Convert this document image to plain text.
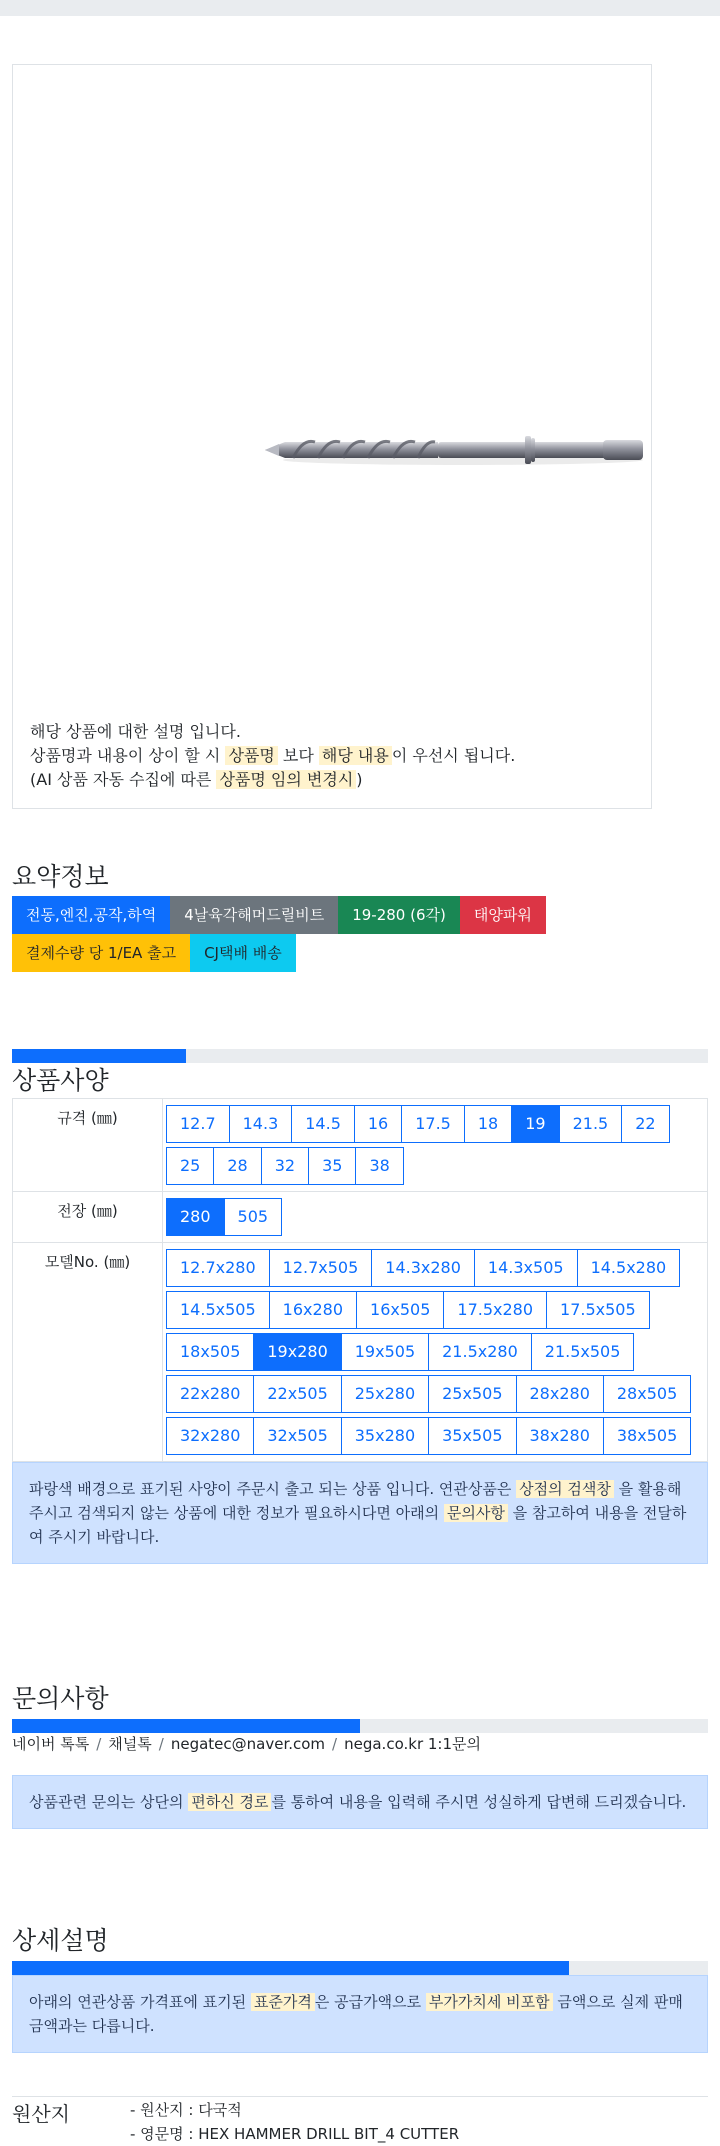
해당 상품에 대한 설명 입니다.
상품명과 내용이 상이 할 시 상품명 보다 해당 내용 이 우선시 됩니다.
(AI 상품 자동 수집에 따른 상품명 임의 변경시 )
요약정보
전동,엔진,공작,하역	4날육각해머드릴비트	19-280 (6각)	태양파워
결제수량 당 1/EA 출고	CJ택배 배송
상품사양
규격 (㎜)	12.7 14.3 14.5 16 17.5 18 19 21.5 22
25 28 32 35 38

전장 (㎜)	280 505

모델No. (㎜)	12.7x280 12.7x505 14.3x280 14.3x505 14.5x280
14.5x505 16x280 16x505 17.5x280 17.5x505
18x505 19x280 19x505 21.5x280 21.5x505
22x280 22x505 25x280 25x505 28x280 28x505
32x280 32x505 35x280 35x505 38x280 38x505
파랑색 배경으로 표기된 사양이 주문시 출고 되는 상품 입니다. 연관상품은 상점의 검색창 을 활용해 주시고 검색되지 않는 상품에 대한 정보가 필요하시다면 아래의 문의사항 을 참고하여 내용을 전달하여 주시기 바랍니다.
문의사항
네이버 톡톡 / 채널톡 / negatec@naver.com / nega.co.kr 1:1문의
상품관련 문의는 상단의 편하신 경로 를 통하여 내용을 입력해 주시면 성실하게 답변해 드리겠습니다.
상세설명
아래의 연관상품 가격표에 표기된 표준가격 은 공급가액으로 부가가치세 비포함 금액으로 실제 판매금액과는 다릅니다.
원산지	- 원산지 : 다국적
- 영문명 : HEX HAMMER DRILL BIT_4 CUTTER
